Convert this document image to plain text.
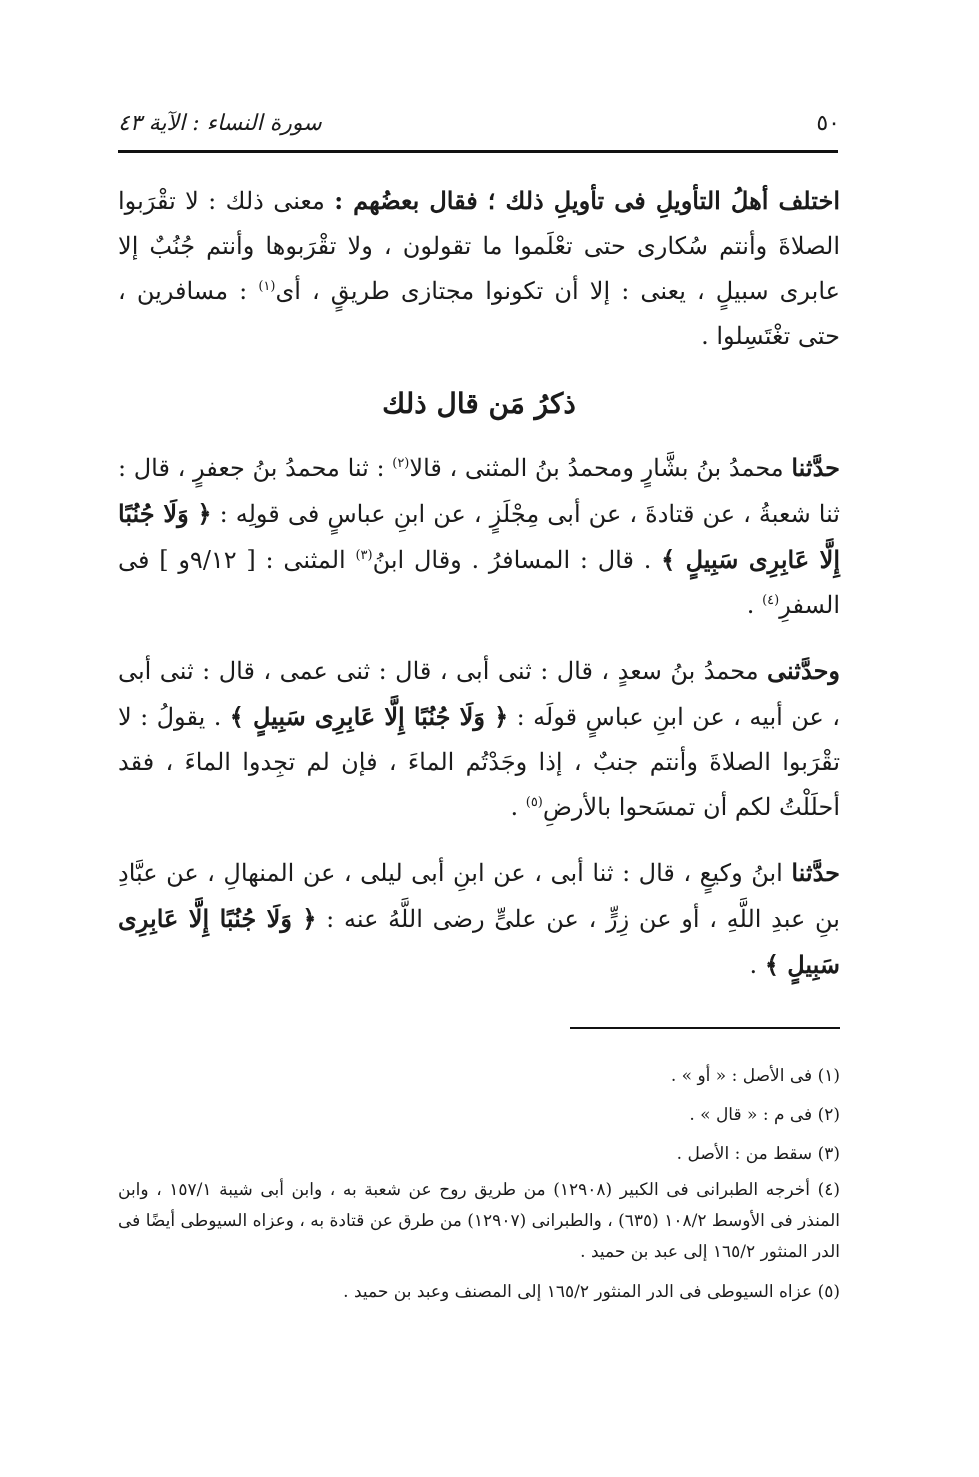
٥٠
سورة النساء : الآية ٤٣

اختلف أهلُ التأويلِ فى تأويلِ ذلك ؛ فقال بعضُهم : معنى ذلك : لا تقْرَبوا الصلاةَ وأنتم سُكارى حتى تعْلَموا ما تقولون ، ولا تقْرَبوها وأنتم جُنُبٌ إلا عابرى سبيلٍ ، يعنى : إلا أن تكونوا مجتازى طريقٍ ، أى$^{(١)}$ : مسافرين ، حتى تغْتَسِلوا .

ذكرُ مَن قال ذلك

حدَّثنا محمدُ بنُ بشَّارٍ ومحمدُ بنُ المثنى ، قالا$^{(٢)}$ : ثنا محمدُ بنُ جعفرٍ ، قال : ثنا شعبةُ ، عن قتادةَ ، عن أبى مِجْلَزٍ ، عن ابنِ عباسٍ فى قولِه : ﴿ وَلَا جُنُبًا إِلَّا عَابِرِى سَبِيلٍ ﴾ . قال : المسافرُ . وقال ابنُ$^{(٣)}$ المثنى : [ ٩/١٢و ] فى السفرِ$^{(٤)}$ .

وحدَّثنى محمدُ بنُ سعدٍ ، قال : ثنى أبى ، قال : ثنى عمى ، قال : ثنى أبى ، عن أبيه ، عن ابنِ عباسٍ قولَه : ﴿ وَلَا جُنُبًا إِلَّا عَابِرِى سَبِيلٍ ﴾ . يقولُ : لا تقْرَبوا الصلاةَ وأنتم جنبٌ ، إذا وجَدْتُم الماءَ ، فإن لم تجِدوا الماءَ ، فقد أحلَلْتُ لكم أن تمسَحوا بالأرضِ$^{(٥)}$ .

حدَّثنا ابنُ وكيعٍ ، قال : ثنا أبى ، عن ابنِ أبى ليلى ، عن المنهالِ ، عن عبَّادِ بنِ عبدِ اللَّهِ ، أو عن زِرٍّ ، عن علىٍّ رضى اللَّهُ عنه : ﴿ وَلَا جُنُبًا إِلَّا عَابِرِى سَبِيلٍ ﴾ .

(١) فى الأصل : « أو » .

(٢) فى م : « قال » .

(٣) سقط من : الأصل .

(٤) أخرجه الطبرانى فى الكبير (١٢٩٠٨) من طريق روح عن شعبة به ، وابن أبى شيبة ١٥٧/١ ، وابن المنذر فى الأوسط ١٠٨/٢ (٦٣٥) ، والطبرانى (١٢٩٠٧) من طرق عن قتادة به ، وعزاه السيوطى أيضًا فى الدر المنثور ١٦٥/٢ إلى عبد بن حميد .

(٥) عزاه السيوطى فى الدر المنثور ١٦٥/٢ إلى المصنف وعبد بن حميد .
